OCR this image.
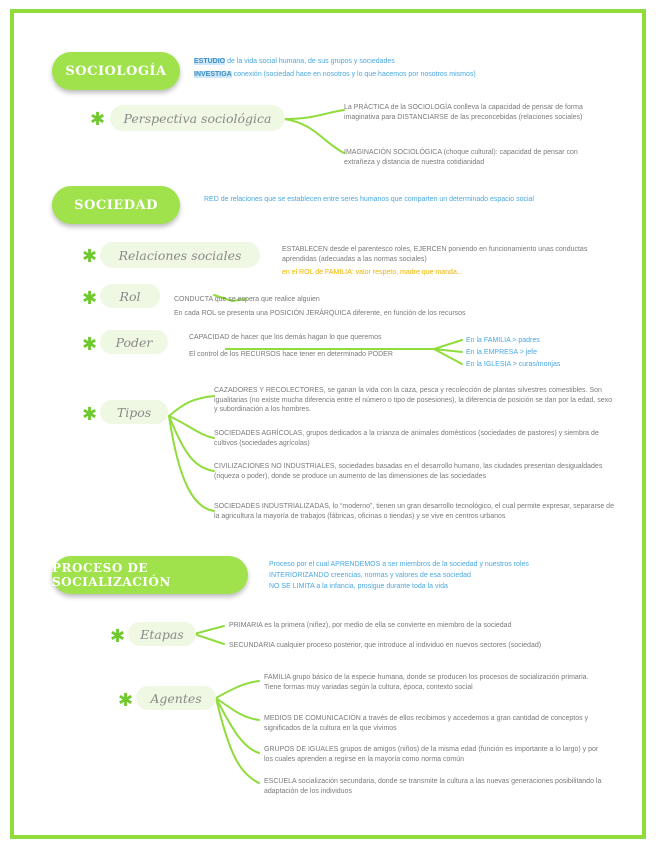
SOCIOLOGÍA
ESTUDIO de la vida social humana, de sus grupos y sociedades
INVESTIGA conexión (sociedad hace en nosotros y lo que hacemos por nosotros mismos)
✱ Perspectiva sociológica
La PRÁCTICA de la SOCIOLOGÍA conlleva la capacidad de pensar de forma imaginativa para DISTANCIARSE de las preconcebidas (relaciones sociales)
IMAGINACIÓN SOCIOLÓGICA (choque cultural): capacidad de pensar con extrañeza y distancia de nuestra cotidianidad
SOCIEDAD	RED de relaciones que se establecen entre seres humanos que comparten un determinado espacio social
✱ Relaciones sociales	ESTABLECEN desde el parentesco roles, EJERCEN poniendo en funcionamiento unas conductas aprendidas (adecuadas a las normas sociales)
en el ROL de FAMILIA: valor respeto, madre que manda...
✱ Rol	CONDUCTA que se espera que realice alguien
En cada ROL se presenta una POSICIÓN JERÁRQUICA diferente, en función de los recursos
✱ Poder	CAPACIDAD de hacer que los demás hagan lo que queremos
El control de los RECURSOS hace tener en determinado PODER
En la FAMILIA > padres
En la EMPRESA > jefe
En la IGLESIA > curas/monjas
✱ Tipos
CAZADORES Y RECOLECTORES, se ganan la vida con la caza, pesca y recolección de plantas silvestres comestibles. Son igualitarias (no existe mucha diferencia entre el número o tipo de posesiones), la diferencia de posición se dan por la edad, sexo y subordinación a los hombres.
SOCIEDADES AGRÍCOLAS, grupos dedicados a la crianza de animales domésticos (sociedades de pastores) y siembra de cultivos (sociedades agrícolas)
CIVILIZACIONES NO INDUSTRIALES, sociedades basadas en el desarrollo humano, las ciudades presentan desigualdades (riqueza o poder), donde se produce un aumento de las dimensiones de las sociedades
SOCIEDADES INDUSTRIALIZADAS, lo “moderno”, tienen un gran desarrollo tecnológico, el cual permite expresar, separarse de la agricultura la mayoría de trabajos (fábricas, oficinas o tiendas) y se vive en centros urbanos
PROCESO DE SOCIALIZACIÓN
Proceso por el cual APRENDEMOS a ser miembros de la sociedad y nuestros roles
INTERIORIZANDO creencias, normas y valores de esa sociedad
NO SE LIMITA a la infancia, prosigue durante toda la vida
✱ Etapas
PRIMARIA es la primera (niñez), por medio de ella se convierte en miembro de la sociedad
SECUNDARIA cualquier proceso posterior, que introduce al individuo en nuevos sectores (sociedad)
✱ Agentes
FAMILIA grupo básico de la especie humana, donde se producen los procesos de socialización primaria. Tiene formas muy variadas según la cultura, época, contexto social
MEDIOS DE COMUNICACIÓN a través de ellos recibimos y accedemos a gran cantidad de conceptos y significados de la cultura en la que vivimos
GRUPOS DE IGUALES grupos de amigos (niños) de la misma edad (función es importante a lo largo) y por los cuales aprenden a regirse en la mayoría como norma común
ESCUELA socialización secundaria, donde se transmite la cultura a las nuevas generaciones posibilitando la adaptación de los individuos
